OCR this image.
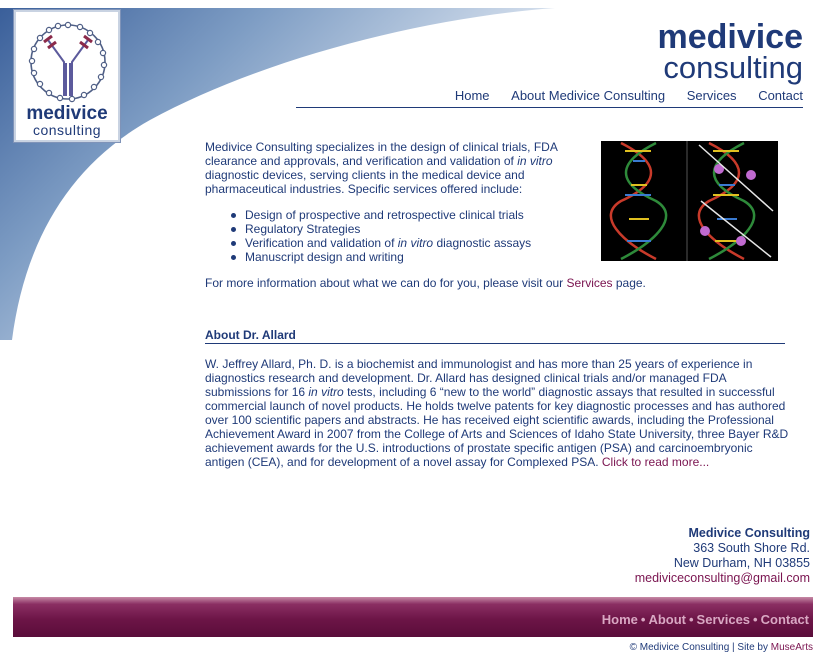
medivice
consulting
medivice
consulting
Home About Medivice Consulting Services Contact

Medivice Consulting specializes in the design of clinical trials, FDA clearance and approvals, and verification and validation of in vitro diagnostic devices, serving clients in the medical device and pharmaceutical industries. Specific services offered include:

Design of prospective and retrospective clinical trials
Regulatory Strategies
Verification and validation of in vitro diagnostic assays
Manuscript design and writing

For more information about what we can do for you, please visit our Services page.

About Dr. Allard

W. Jeffrey Allard, Ph. D. is a biochemist and immunologist and has more than 25 years of experience in diagnostics research and development. Dr. Allard has designed clinical trials and/or managed FDA submissions for 16 in vitro tests, including 6 “new to the world” diagnostic assays that resulted in successful commercial launch of novel products. He holds twelve patents for key diagnostic processes and has authored over 100 scientific papers and abstracts. He has received eight scientific awards, including the Professional Achievement Award in 2007 from the College of Arts and Sciences of Idaho State University, three Bayer R&D achievement awards for the U.S. introductions of prostate specific antigen (PSA) and carcinoembryonic antigen (CEA), and for development of a novel assay for Complexed PSA. Click to read more...

Medivice Consulting
363 South Shore Rd.
New Durham, NH 03855
mediviceconsulting@gmail.com
Home • About • Services • Contact
© Medivice Consulting | Site by MuseArts
